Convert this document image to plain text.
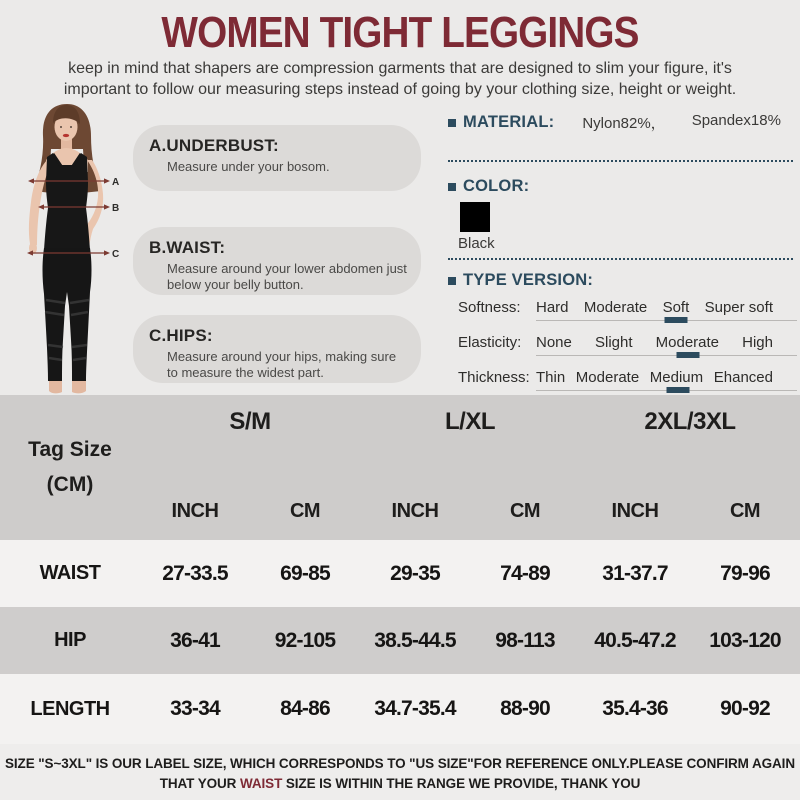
WOMEN TIGHT LEGGINGS
keep in mind that shapers are compression garments that are designed to slim your figure, it's
important to follow our measuring steps instead of going by your clothing size, height or weight.
A
B
C
A.UNDERBUST:
Measure under your bosom.
B.WAIST:
Measure around your lower abdomen just below your belly button.
C.HIPS:
Measure around your hips, making sure to measure the widest part.
MATERIAL: Nylon82%， Spandex18%
COLOR:
Black
TYPE VERSION:
Softness:	Hard Moderate Soft Super soft
Elasticity: None Slight Moderate High
Thickness: Thin Moderate Medium Ehanced
Tag Size
(CM)
S/M	L/XL	2XL/3XL
INCH	CM	INCH	CM	INCH	CM
WAIST	27-33.5	69-85	29-35	74-89	31-37.7	79-96
HIP	36-41	92-105	38.5-44.5	98-113	40.5-47.2	103-120
LENGTH	33-34	84-86	34.7-35.4	88-90	35.4-36	90-92
SIZE "S~3XL" IS OUR LABEL SIZE, WHICH CORRESPONDS TO "US SIZE"FOR REFERENCE ONLY.PLEASE CONFIRM AGAIN
THAT YOUR WAIST SIZE IS WITHIN THE RANGE WE PROVIDE, THANK YOU
